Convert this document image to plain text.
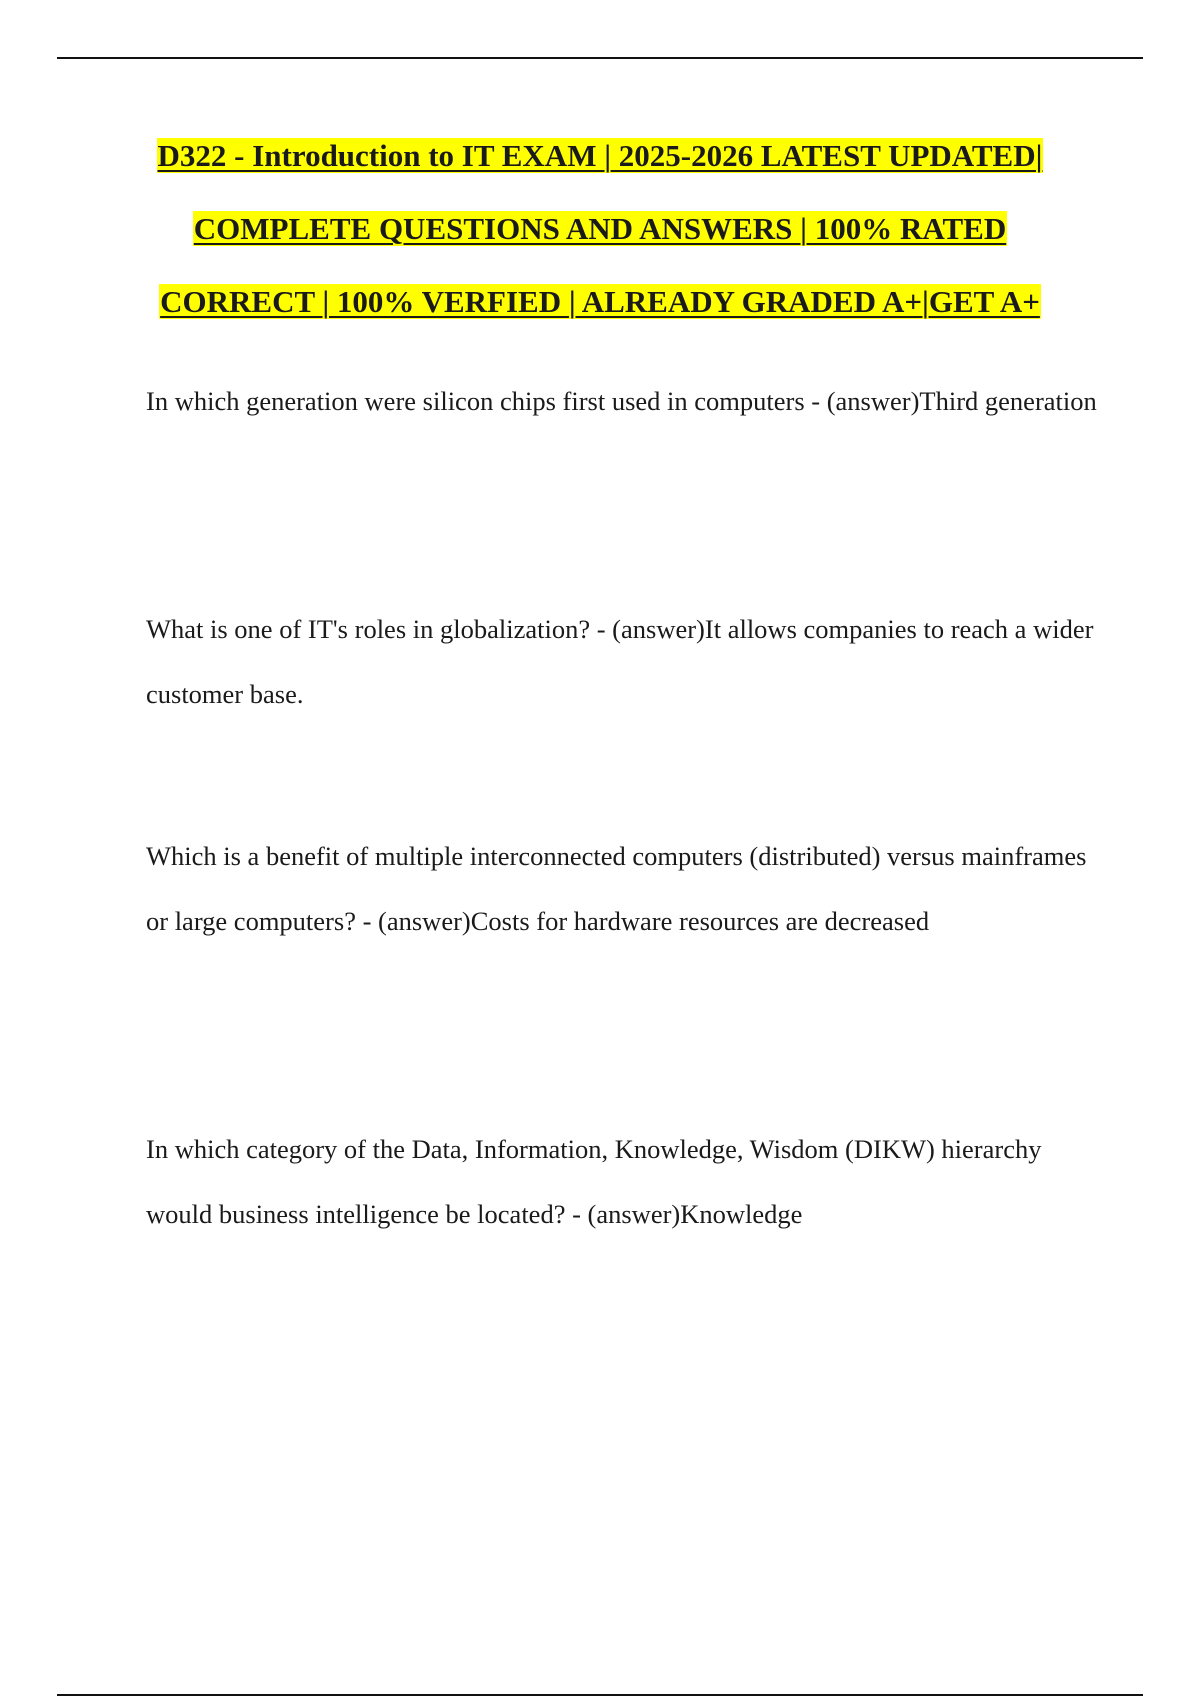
D322 - Introduction to IT EXAM | 2025-2026 LATEST UPDATED|
COMPLETE QUESTIONS AND ANSWERS | 100% RATED
CORRECT | 100% VERFIED | ALREADY GRADED A+|GET A+

In which generation were silicon chips first used in computers - (answer)Third generation

What is one of IT's roles in globalization? - (answer)It allows companies to reach a wider customer base.

Which is a benefit of multiple interconnected computers (distributed) versus mainframes or large computers? - (answer)Costs for hardware resources are decreased

In which category of the Data, Information, Knowledge, Wisdom (DIKW) hierarchy would business intelligence be located? - (answer)Knowledge
